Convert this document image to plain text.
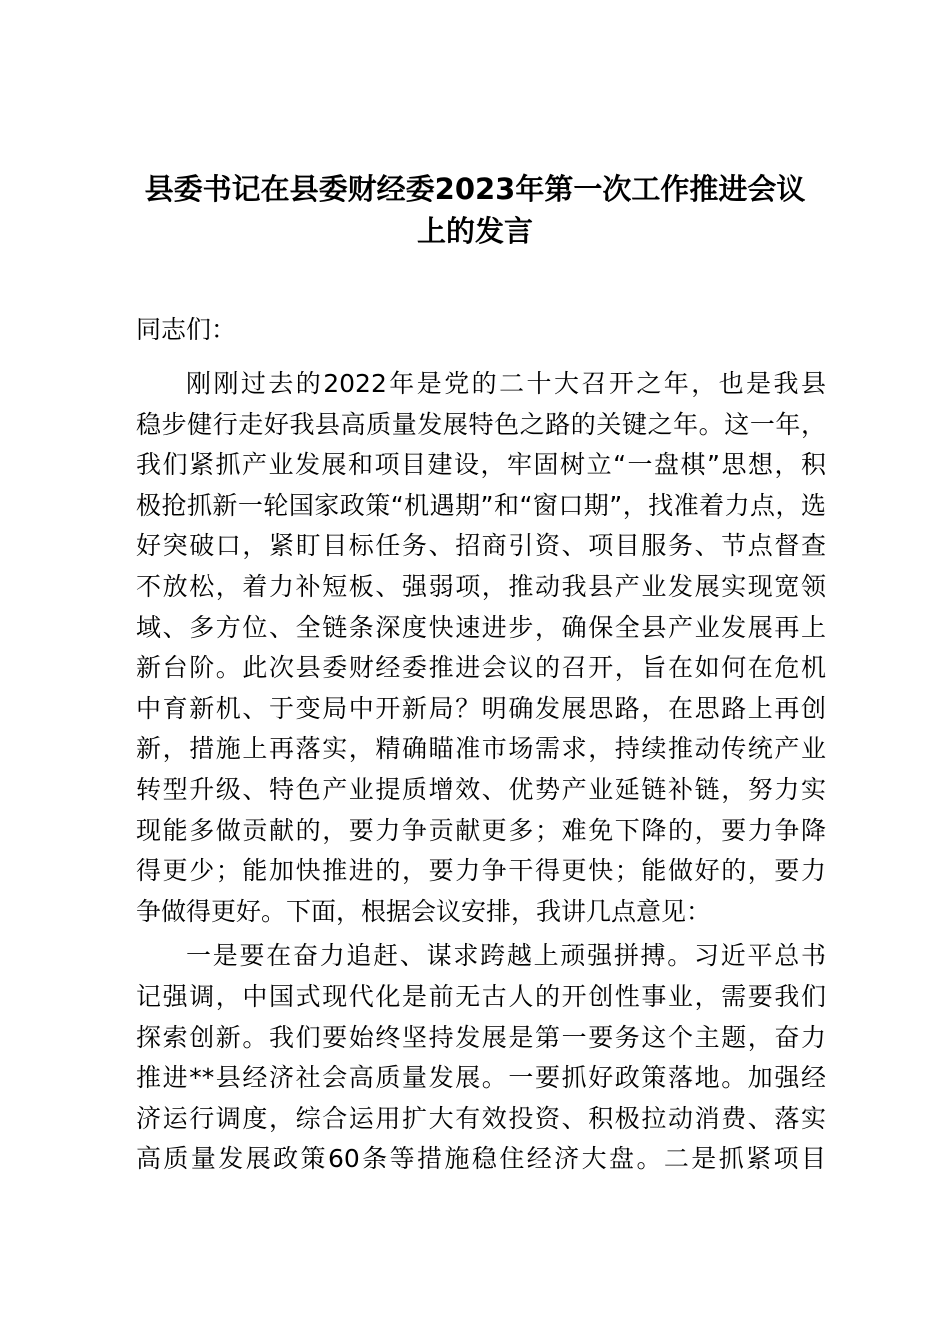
县委书记在县委财经委2023年第一次工作推进会议
上的发言
同志们：
刚刚过去的2022年是党的二十大召开之年，也是我县
稳步健行走好我县高质量发展特色之路的关键之年。这一年，
我们紧抓产业发展和项目建设，牢固树立“一盘棋”思想，积
极抢抓新一轮国家政策“机遇期”和“窗口期”，找准着力点，选
好突破口，紧盯目标任务、招商引资、项目服务、节点督查
不放松，着力补短板、强弱项，推动我县产业发展实现宽领
域、多方位、全链条深度快速进步，确保全县产业发展再上
新台阶。此次县委财经委推进会议的召开，旨在如何在危机
中育新机、于变局中开新局？明确发展思路，在思路上再创
新，措施上再落实，精确瞄准市场需求，持续推动传统产业
转型升级、特色产业提质增效、优势产业延链补链，努力实
现能多做贡献的，要力争贡献更多；难免下降的，要力争降
得更少；能加快推进的，要力争干得更快；能做好的，要力
争做得更好。下面，根据会议安排，我讲几点意见：
一是要在奋力追赶、谋求跨越上顽强拼搏。习近平总书
记强调，中国式现代化是前无古人的开创性事业，需要我们
探索创新。我们要始终坚持发展是第一要务这个主题，奋力
推进**县经济社会高质量发展。一要抓好政策落地。加强经
济运行调度，综合运用扩大有效投资、积极拉动消费、落实
高质量发展政策60条等措施稳住经济大盘。二是抓紧项目
